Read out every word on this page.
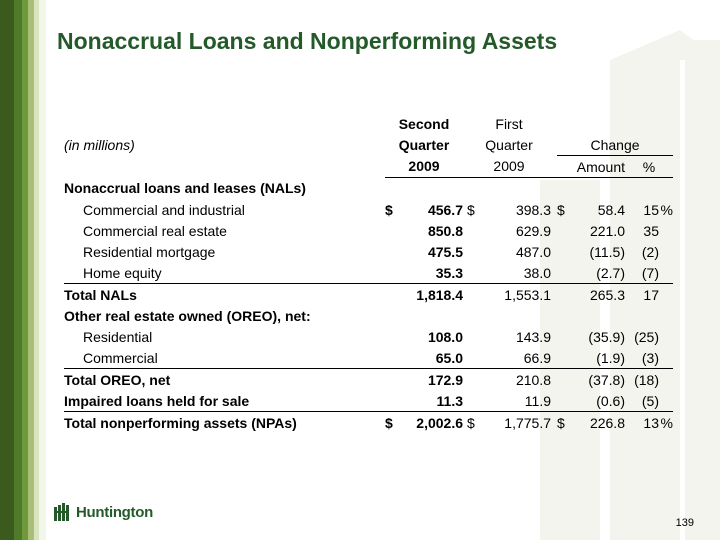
Nonaccrual Loans and Nonperforming Assets
	Second	First			
(in millions)	Quarter	Quarter	Change		
	2009	2009	Amount	%	
Nonaccrual loans and leases (NALs)					
Commercial and industrial	$ 456.7	$ 398.3	$ 58.4	15	%
Commercial real estate	850.8	629.9	221.0	35	
Residential mortgage	475.5	487.0	(11.5)	(2)	
Home equity	35.3	38.0	(2.7)	(7)	
Total NALs	1,818.4	1,553.1	265.3	17	
Other real estate owned (OREO), net:					
Residential	108.0	143.9	(35.9)	(25)	
Commercial	65.0	66.9	(1.9)	(3)	
Total OREO, net	172.9	210.8	(37.8)	(18)	
Impaired loans held for sale	11.3	11.9	(0.6)	(5)	
Total nonperforming assets (NPAs)	$ 2,002.6	$ 1,775.7	$ 226.8	13	%
Huntington
139
